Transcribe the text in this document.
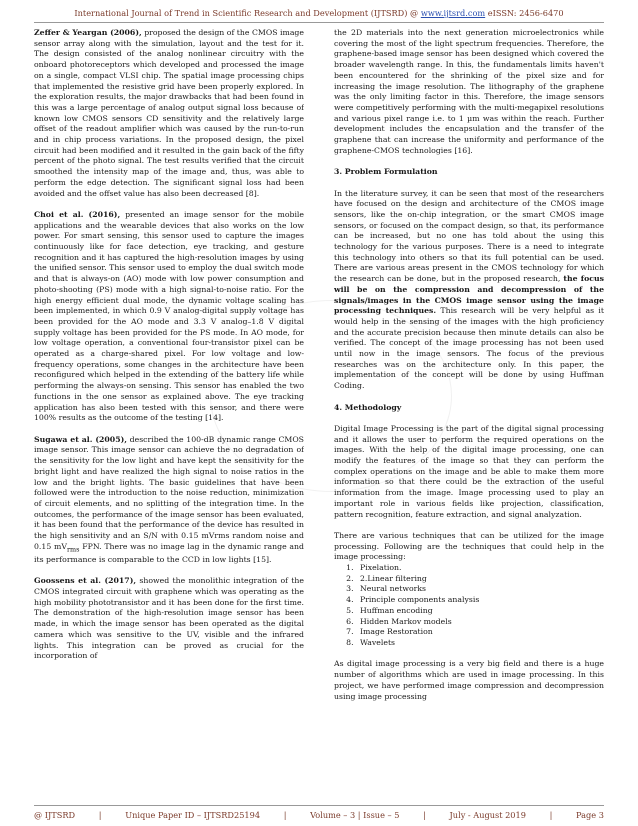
International Journal of Trend in Scientific Research and Development (IJTSRD) @ www.ijtsrd.com eISSN: 2456-6470

Zeffer & Yeargan (2006), proposed the design of the CMOS image sensor array along with the simulation, layout and the test for it. The design consisted of the analog nonlinear circuitry with the onboard photoreceptors which developed and processed the image on a single, compact VLSI chip. The spatial image processing chips that implemented the resistive grid have been properly explored. In the exploration results, the major drawbacks that had been found in this was a large percentage of analog output signal loss because of known low CMOS sensors CD sensitivity and the relatively large offset of the readout amplifier which was caused by the run-to-run and in chip process variations. In the proposed design, the pixel circuit had been modified and it resulted in the gain back of the fifty percent of the photo signal. The test results verified that the circuit smoothed the intensity map of the image and, thus, was able to perform the edge detection. The significant signal loss had been avoided and the offset value has also been decreased [8].

Choi et al. (2016), presented an image sensor for the mobile applications and the wearable devices that also works on the low power. For smart sensing, this sensor used to capture the images continuously like for face detection, eye tracking, and gesture recognition and it has captured the high-resolution images by using the unified sensor. This sensor used to employ the dual switch mode and that is always-on (AO) mode with low power consumption and photo-shooting (PS) mode with a high signal-to-noise ratio. For the high energy efficient dual mode, the dynamic voltage scaling has been implemented, in which 0.9 V analog-digital supply voltage has been provided for the AO mode and 3.3 V analog–1.8 V digital supply voltage has been provided for the PS mode. In AO mode, for low voltage operation, a conventional four-transistor pixel can be operated as a charge-shared pixel. For low voltage and low-frequency operations, some changes in the architecture have been reconfigured which helped in the extending of the battery life while performing the always-on sensing. This sensor has enabled the two functions in the one sensor as explained above. The eye tracking application has also been tested with this sensor, and there were 100% results as the outcome of the testing [14].

Sugawa et al. (2005), described the 100-dB dynamic range CMOS image sensor. This image sensor can achieve the no degradation of the sensitivity for the low light and have kept the sensitivity for the bright light and have realized the high signal to noise ratios in the low and the bright lights. The basic guidelines that have been followed were the introduction to the noise reduction, minimization of circuit elements, and no splitting of the integration time. In the outcomes, the performance of the image sensor has been evaluated, it has been found that the performance of the device has resulted in the high sensitivity and an S/N with 0.15 mVrms random noise and 0.15 $mV_{rms}$ FPN. There was no image lag in the dynamic range and its performance is comparable to the CCD in low lights [15].

Goossens et al. (2017), showed the monolithic integration of the CMOS integrated circuit with graphene which was operating as the high mobility phototransistor and it has been done for the first time. The demonstration of the high-resolution image sensor has been made, in which the image sensor has been operated as the digital camera which was sensitive to the UV, visible and the infrared lights. This integration can be proved as crucial for the incorporation of

the 2D materials into the next generation microelectronics while covering the most of the light spectrum frequencies. Therefore, the graphene-based image sensor has been designed which covered the broader wavelength range. In this, the fundamentals limits haven't been encountered for the shrinking of the pixel size and for increasing the image resolution. The lithography of the graphene was the only limiting factor in this. Therefore, the image sensors were competitively performing with the multi-megapixel resolutions and various pixel range i.e. to 1 µm was within the reach. Further development includes the encapsulation and the transfer of the graphene that can increase the uniformity and performance of the graphene-CMOS technologies [16].

3. Problem Formulation

In the literature survey, it can be seen that most of the researchers have focused on the design and architecture of the CMOS image sensors, like the on-chip integration, or the smart CMOS image sensors, or focused on the compact design, so that, its performance can be increased, but no one has told about the using this technology for the various purposes. There is a need to integrate this technology into others so that its full potential can be used. There are various areas present in the CMOS technology for which the research can be done, but in the proposed research, the focus will be on the compression and decompression of the signals/images in the CMOS image sensor using the image processing techniques. This research will be very helpful as it would help in the sensing of the images with the high proficiency and the accurate precision because then minute details can also be verified. The concept of the image processing has not been used until now in the image sensors. The focus of the previous researches was on the architecture only. In this paper, the implementation of the concept will be done by using Huffman Coding.

4. Methodology

Digital Image Processing is the part of the digital signal processing and it allows the user to perform the required operations on the images. With the help of the digital image processing, one can modify the features of the image so that they can perform the complex operations on the image and be able to make them more information so that there could be the extraction of the useful information from the image. Image processing used to play an important role in various fields like projection, classification, pattern recognition, feature extraction, and signal analyzation.

There are various techniques that can be utilized for the image processing. Following are the techniques that could help in the image processing:

1. Pixelation.
2. 2.Linear filtering
3. Neural networks
4. Principle components analysis
5. Huffman encoding
6. Hidden Markov models
7. Image Restoration
8. Wavelets

As digital image processing is a very big field and there is a huge number of algorithms which are used in image processing. In this project, we have performed image compression and decompression using image processing

@ IJTSRD	|	Unique Paper ID – IJTSRD25194	|	Volume – 3 | Issue – 5	|	July - August 2019	|	Page 3
